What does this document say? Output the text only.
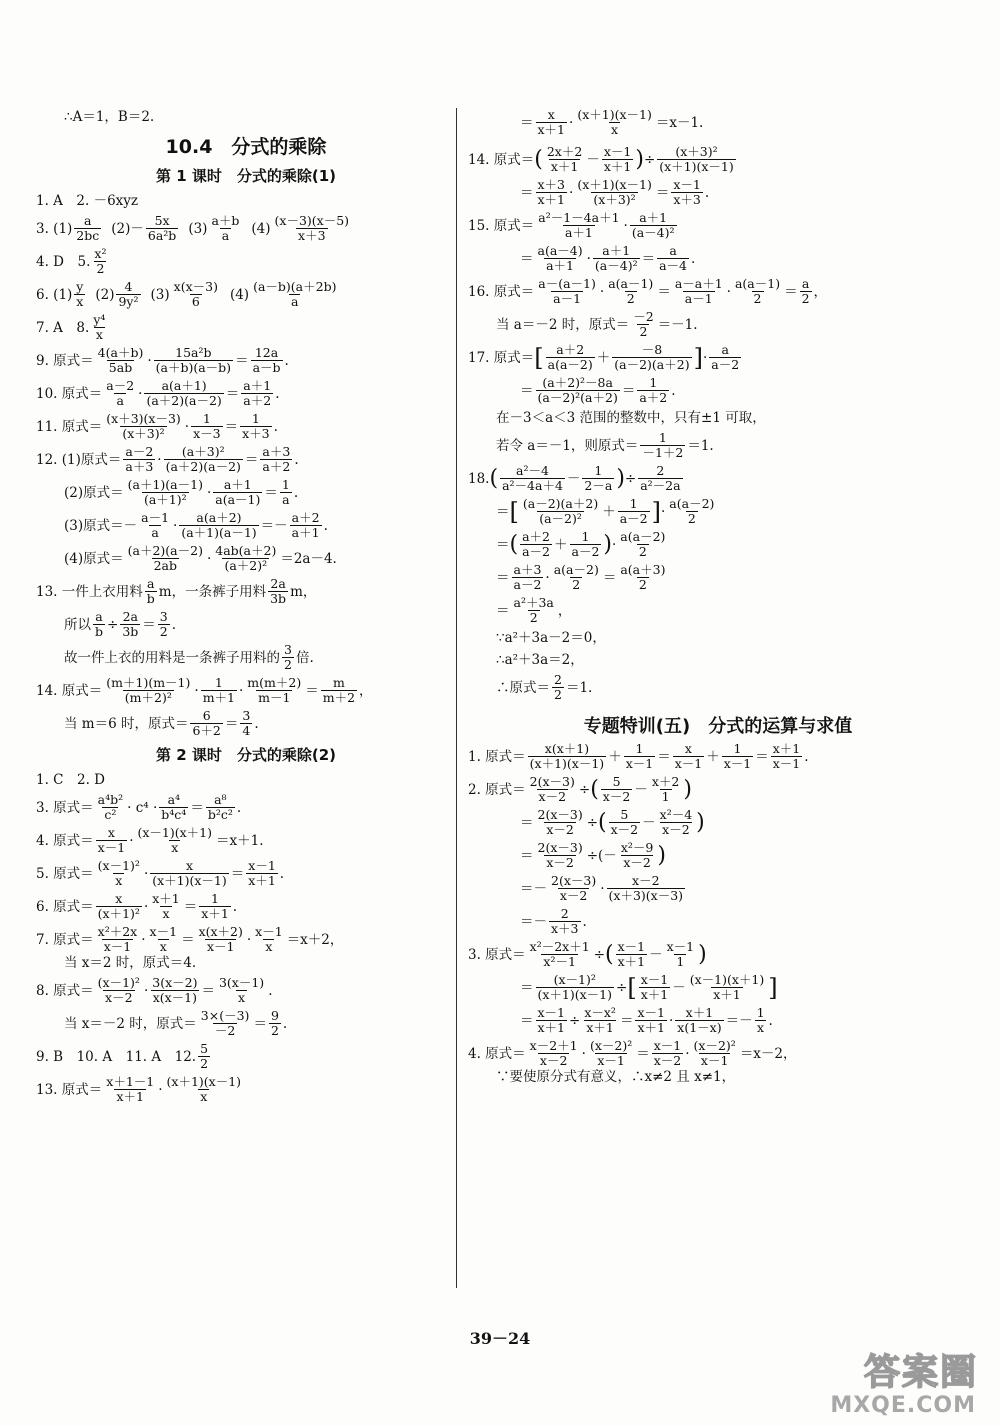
∴A＝1，B＝2.
10.4　分式的乘除
第 1 课时　分式的乘除(1)
1. A　2. －6xyz
3. $(1) \frac{a}{2bc} (2)- \frac{5x}{\text{6a²b}} (3) \frac{a+b}{a} (4) \frac{(x-3)(x-5)}{x+3}$
4. D　5. $\frac{\text{x²}}{2}$
6. $(1) \frac{y}{x} (2) \frac{4}{\text{9y²}} (3) \frac{x(x-3)}{6} (4) \frac{(a-b)(a+2b)}{a}$
7. A　8. $\frac{\text{y⁴}}{x}$
9. 原式＝ $\frac{4(a+b)}{5ab} \cdot \frac{\text{15a²b}}{(a+b)(a-b)} = \frac{12a}{a-b}$ .
10. 原式＝ $\frac{a-2}{a} \cdot \frac{a(a+1)}{(a+2)(a-2)} = \frac{a+1}{a+2}$ .
11. 原式＝ $\frac{(x+3)(x-3)}{\text{(x＋3)²}} \cdot \frac{1}{x-3} = \frac{1}{x+3}$ .
12. (1)原式＝ $\frac{a-2}{a+3} \cdot \frac{\text{(a＋3)²}}{(a+2)(a-2)} = \frac{a+3}{a+2}$ .
(2)原式＝ $\frac{(a+1)(a-1)}{\text{(a＋1)²}} \cdot \frac{a+1}{a(a-1)} = \frac{1}{a}$ .
(3)原式＝－ $\frac{a-1}{a} \cdot \frac{a(a+2)}{(a+1)(a-1)} =- \frac{a+2}{a+1}$ .
(4)原式＝ $\frac{(a+2)(a-2)}{2ab} \cdot \frac{4ab(a+2)}{\text{(a＋2)²}} =2a-4$.
13. 一件上衣用料 $\frac{a}{b}$ m，一条裤子用料 $\frac{2a}{3b}$ m，
所以 $\frac{a}{b} \div \frac{2a}{3b} = \frac{3}{2}$ .
故一件上衣的用料是一条裤子用料的 $\frac{3}{2}$ 倍.
14. 原式＝ $\frac{(m+1)(m-1)}{\text{(m＋2)²}} \cdot \frac{1}{m+1} \cdot \frac{m(m+2)}{m-1} = \frac{m}{m+2}$ ，
当 m＝6 时，原式＝ $\frac{6}{6+2} = \frac{3}{4}$ .
第 2 课时　分式的乘除(2)
1. C　2. D
3. 原式＝ $\frac{\text{a⁴b²}}{\text{c²}} \cdot c^4 \cdot \frac{\text{a⁴}}{\text{b⁴c⁴}} = \frac{\text{a⁸}}{\text{b²c²}}$ .
4. 原式＝ $\frac{x}{x-1} \cdot \frac{(x-1)(x+1)}{x} =x+1$.
5. 原式＝ $\frac{\text{(x－1)²}}{x} \cdot \frac{x}{(x+1)(x-1)} = \frac{x-1}{x+1}$ .
6. 原式＝ $\frac{x}{\text{(x＋1)²}} \cdot \frac{x+1}{x} = \frac{1}{x+1}$ .
7. 原式＝ $\frac{\text{x²＋2x}}{x-1} \cdot \frac{x-1}{x} = \frac{x(x+2)}{x-1} \cdot \frac{x-1}{x} =x+2$，
当 x＝2 时，原式＝4.
8. 原式＝ $\frac{\text{(x－1)²}}{x-2} \cdot \frac{3(x-2)}{x(x-1)} = \frac{3(x-1)}{x}$ .
当 x＝－2 时，原式＝ $\frac{3\times(-3)}{-2} = \frac{9}{2}$ .
9. B　10. A　11. A　12. $\frac{5}{2}$
13. 原式＝ $\frac{x+1-1}{x+1} \cdot \frac{(x+1)(x-1)}{x}$
＝ $\frac{x}{x+1} \cdot \frac{(x+1)(x-1)}{x} =x-1$.
14. 原式＝ ( $\frac{2x+2}{x+1} - \frac{x-1}{x+1}$ ) ÷ $\frac{\text{(x＋3)²}}{(x+1)(x-1)}$
＝ $\frac{x+3}{x+1} \cdot \frac{(x+1)(x-1)}{\text{(x＋3)²}} = \frac{x-1}{x+3}$ .
15. 原式＝ $\frac{\text{a²－1－4a＋1}}{a+1} \cdot \frac{a+1}{\text{(a－4)²}}$
＝ $\frac{a(a-4)}{a+1} \cdot \frac{a+1}{\text{(a－4)²}} = \frac{a}{a-4}$ .
16. 原式＝ $\frac{a-(a-1)}{a-1} \cdot \frac{a(a-1)}{2} = \frac{a-a+1}{a-1} \cdot \frac{a(a-1)}{2} = \frac{a}{2}$ ，
当 a＝－2 时，原式＝ $\frac{-2}{2} =-1$.
17. 原式＝ [ $\frac{a+2}{a(a-2)} + \frac{-8}{(a-2)(a+2)}$ ] · $\frac{a}{a-2}$
＝ $\frac{\text{(a＋2)²－8a}}{\text{(a－2)²(a＋2)}} = \frac{1}{a+2}$ .
在－3＜a＜3 范围的整数中，只有±1 可取，
若令 a＝－1，则原式＝ $\frac{1}{-1+2} =1$.
18. ( $\frac{\text{a²－4}}{\text{a²－4a＋4}} - \frac{1}{2-a}$ ) ÷ $\frac{2}{\text{a²－2a}}$
＝ [ $\frac{(a-2)(a+2)}{\text{(a－2)²}} + \frac{1}{a-2}$ ] · $\frac{a(a-2)}{2}$
＝ ( $\frac{a+2}{a-2} + \frac{1}{a-2}$ ) · $\frac{a(a-2)}{2}$
＝ $\frac{a+3}{a-2} \cdot \frac{a(a-2)}{2} = \frac{a(a+3)}{2}$
＝ $\frac{\text{a²＋3a}}{2}$ ，
∵a²＋3a－2＝0，
∴a²＋3a＝2，
∴原式＝ $\frac{2}{2} =1$.
专题特训(五)　分式的运算与求值
1. 原式＝ $\frac{x(x+1)}{(x+1)(x-1)} + \frac{1}{x-1} = \frac{x}{x-1} + \frac{1}{x-1} = \frac{x+1}{x-1}$ .
2. 原式＝ $\frac{2(x-3)}{x-2}$ ÷ ( $\frac{5}{x-2} - \frac{x+2}{1}$ )
＝ $\frac{2(x-3)}{x-2}$ ÷ ( $\frac{5}{x-2} - \frac{\text{x²－4}}{x-2}$ )
＝ $\frac{2(x-3)}{x-2}$ ÷ (－ $\frac{\text{x²－9}}{x-2}$ )
＝－ $\frac{2(x-3)}{x-2} \cdot \frac{x-2}{(x+3)(x-3)}$
＝－ $\frac{2}{x+3}$ .
3. 原式＝ $\frac{\text{x²－2x＋1}}{\text{x²－1}}$ ÷ ( $\frac{x-1}{x+1} - \frac{x-1}{1}$ )
＝ $\frac{\text{(x－1)²}}{(x+1)(x-1)}$ ÷ [ $\frac{x-1}{x+1} - \frac{(x-1)(x+1)}{x+1}$ ]
＝ $\frac{x-1}{x+1} \div \frac{\text{x－x²}}{x+1} = \frac{x-1}{x+1} \cdot \frac{x+1}{x(1-x)} =- \frac{1}{x}$ .
4. 原式＝ $\frac{x-2+1}{x-2} \cdot \frac{\text{(x－2)²}}{x-1} = \frac{x-1}{x-2} \cdot \frac{\text{(x－2)²}}{x-1} =x-2$，
∵要使原分式有意义，∴x≠2 且 x≠1，
39－24
答案圈
MXQE.COM
